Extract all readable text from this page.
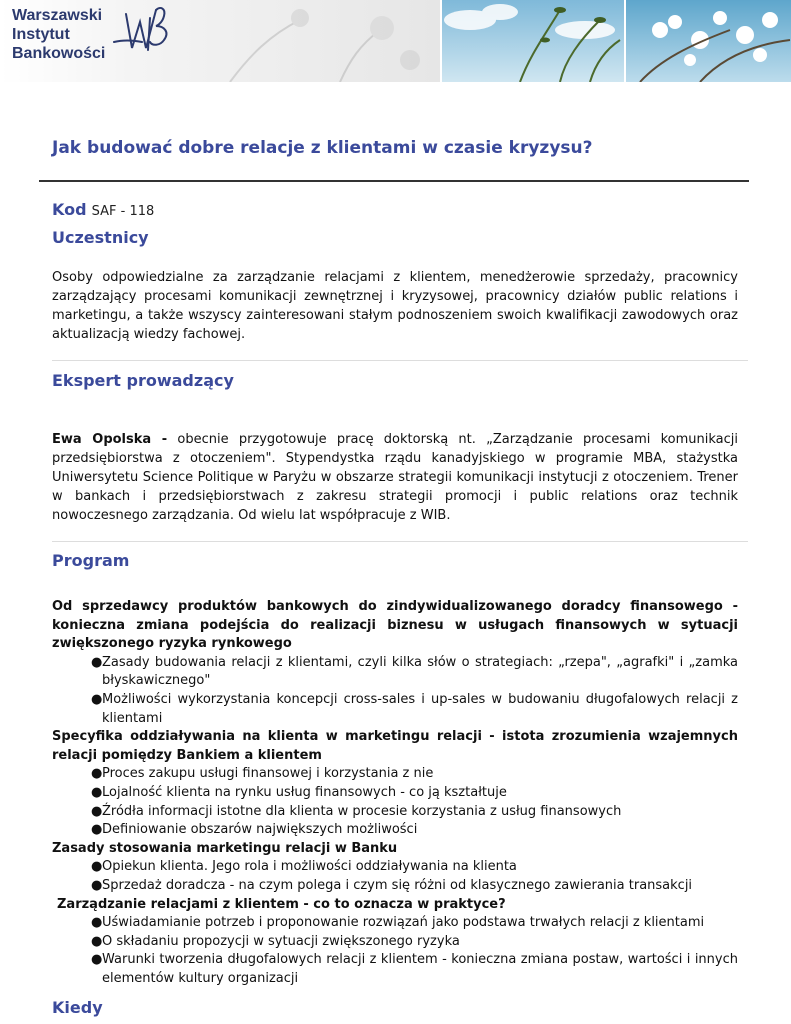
Warszawski
Instytut
Bankowości
Jak budować dobre relacje z klientami w czasie kryzysu?
Kod SAF - 118
Uczestnicy

Osoby odpowiedzialne za zarządzanie relacjami z klientem, menedżerowie sprzedaży, pracownicy zarządzający procesami komunikacji zewnętrznej i kryzysowej, pracownicy działów public relations i marketingu, a także wszyscy zainteresowani stałym podnoszeniem swoich kwalifikacji zawodowych oraz aktualizacją wiedzy fachowej.

Ekspert prowadzący

Ewa Opolska - obecnie przygotowuje pracę doktorską nt. „Zarządzanie procesami komunikacji przedsiębiorstwa z otoczeniem". Stypendystka rządu kanadyjskiego w programie MBA, stażystka Uniwersytetu Science Politique w Paryżu w obszarze strategii komunikacji instytucji z otoczeniem. Trener w bankach i przedsiębiorstwach z zakresu strategii promocji i public relations oraz technik nowoczesnego zarządzania. Od wielu lat współpracuje z WIB.

Program

Od sprzedawcy produktów bankowych do zindywidualizowanego doradcy finansowego - konieczna zmiana podejścia do realizacji biznesu w usługach finansowych w sytuacji zwiększonego ryzyka rynkowego

● Zasady budowania relacji z klientami, czyli kilka słów o strategiach: „rzepa", „agrafki" i „zamka błyskawicznego"
● Możliwości wykorzystania koncepcji cross-sales i up-sales w budowaniu długofalowych relacji z klientami

Specyfika oddziaływania na klienta w marketingu relacji - istota zrozumienia wzajemnych relacji pomiędzy Bankiem a klientem

● Proces zakupu usługi finansowej i korzystania z nie
● Lojalność klienta na rynku usług finansowych - co ją kształtuje
● Źródła informacji istotne dla klienta w procesie korzystania z usług finansowych
● Definiowanie obszarów największych możliwości

Zasady stosowania marketingu relacji w Banku

● Opiekun klienta. Jego rola i możliwości oddziaływania na klienta
● Sprzedaż doradcza - na czym polega i czym się różni od klasycznego zawierania transakcji

Zarządzanie relacjami z klientem - co to oznacza w praktyce?

● Uświadamianie potrzeb i proponowanie rozwiązań jako podstawa trwałych relacji z klientami
● O składaniu propozycji w sytuacji zwiększonego ryzyka
● Warunki tworzenia długofalowych relacji z klientem - konieczna zmiana postaw, wartości i innych elementów kultury organizacji
Kiedy
